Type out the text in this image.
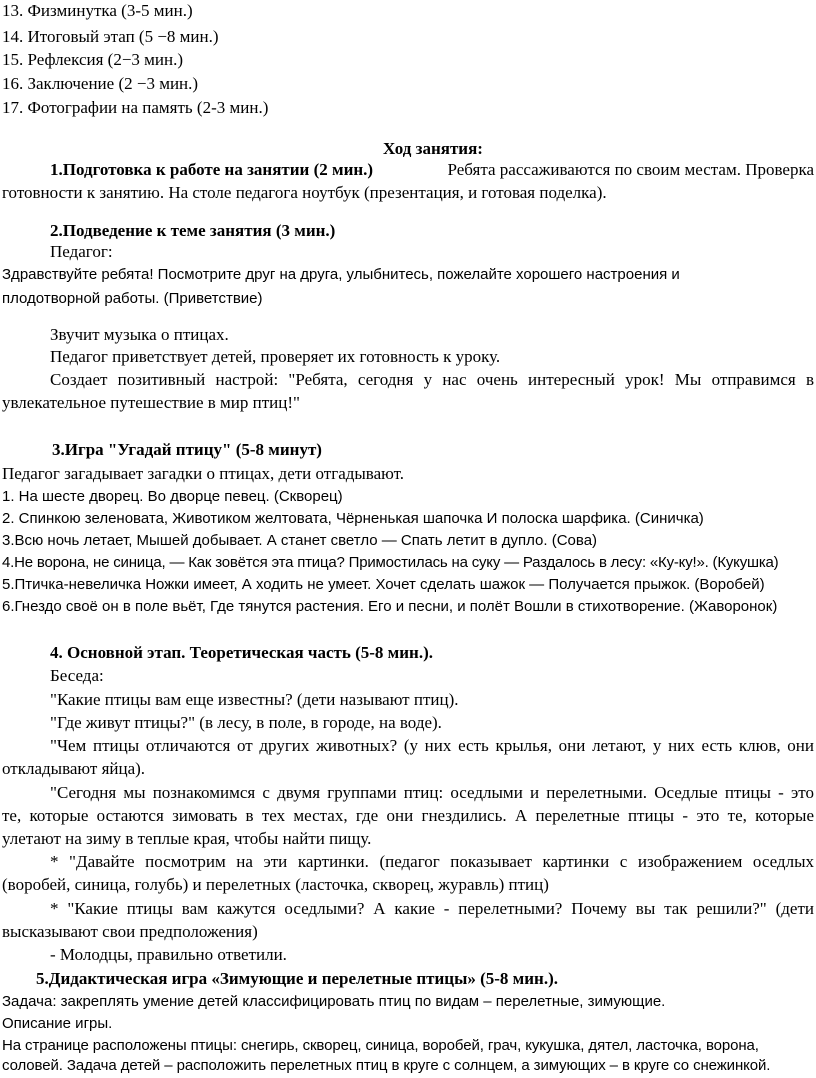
13. Физминутка (3-5 мин.)
14. Итоговый этап (5 −8 мин.)
15. Рефлексия (2−3 мин.)
16. Заключение (2 −3 мин.)
17. Фотографии на память (2-3 мин.)
Ход занятия:
1.Подготовка к работе на занятии (2 мин.)	Ребята рассаживаются по своим местам. Проверка
готовности к занятию. На столе педагога ноутбук (презентация, и готовая поделка).
2.Подведение к теме занятия (3 мин.)
Педагог:
Здравствуйте ребята! Посмотрите друг на друга, улыбнитесь, пожелайте хорошего настроения и
плодотворной работы. (Приветствие)
Звучит музыка о птицах.
Педагог приветствует детей, проверяет их готовность к уроку.
Создает позитивный настрой: "Ребята, сегодня у нас очень интересный урок! Мы отправимся в
увлекательное путешествие в мир птиц!"
3.Игра "Угадай птицу" (5-8 минут)
Педагог загадывает загадки о птицах, дети отгадывают.
1. На шесте дворец. Во дворце певец. (Скворец)
2. Спинкою зеленовата, Животиком желтовата, Чёрненькая шапочка И полоска шарфика. (Синичка)
3.Всю ночь летает, Мышей добывает. А станет светло — Спать летит в дупло. (Сова)
4.Не ворона, не синица, — Как зовётся эта птица? Примостилась на суку — Раздалось в лесу: «Ку-ку!». (Кукушка)
5.Птичка-невеличка Ножки имеет, А ходить не умеет. Хочет сделать шажок — Получается прыжок. (Воробей)
6.Гнездо своё он в поле вьёт, Где тянутся растения. Его и песни, и полёт Вошли в стихотворение. (Жаворонок)
4. Основной этап. Теоретическая часть (5-8 мин.).
Беседа:
"Какие птицы вам еще известны? (дети называют птиц).
"Где живут птицы?" (в лесу, в поле, в городе, на воде).
"Чем птицы отличаются от других животных? (у них есть крылья, они летают, у них есть клюв, они
откладывают яйца).
"Сегодня мы познакомимся с двумя группами птиц: оседлыми и перелетными. Оседлые птицы - это
те, которые остаются зимовать в тех местах, где они гнездились. А перелетные птицы - это те, которые
улетают на зиму в теплые края, чтобы найти пищу.
* "Давайте посмотрим на эти картинки. (педагог показывает картинки с изображением оседлых
(воробей, синица, голубь) и перелетных (ласточка, скворец, журавль) птиц)
* "Какие птицы вам кажутся оседлыми? А какие - перелетными? Почему вы так решили?" (дети
высказывают свои предположения)
- Молодцы, правильно ответили.
5.Дидактическая игра «Зимующие и перелетные птицы» (5-8 мин.).
Задача: закреплять умение детей классифицировать птиц по видам – перелетные, зимующие.
Описание игры.
На странице расположены птицы: снегирь, скворец, синица, воробей, грач, кукушка, дятел, ласточка, ворона,
соловей. Задача детей – расположить перелетных птиц в круге с солнцем, а зимующих – в круге со снежинкой.
